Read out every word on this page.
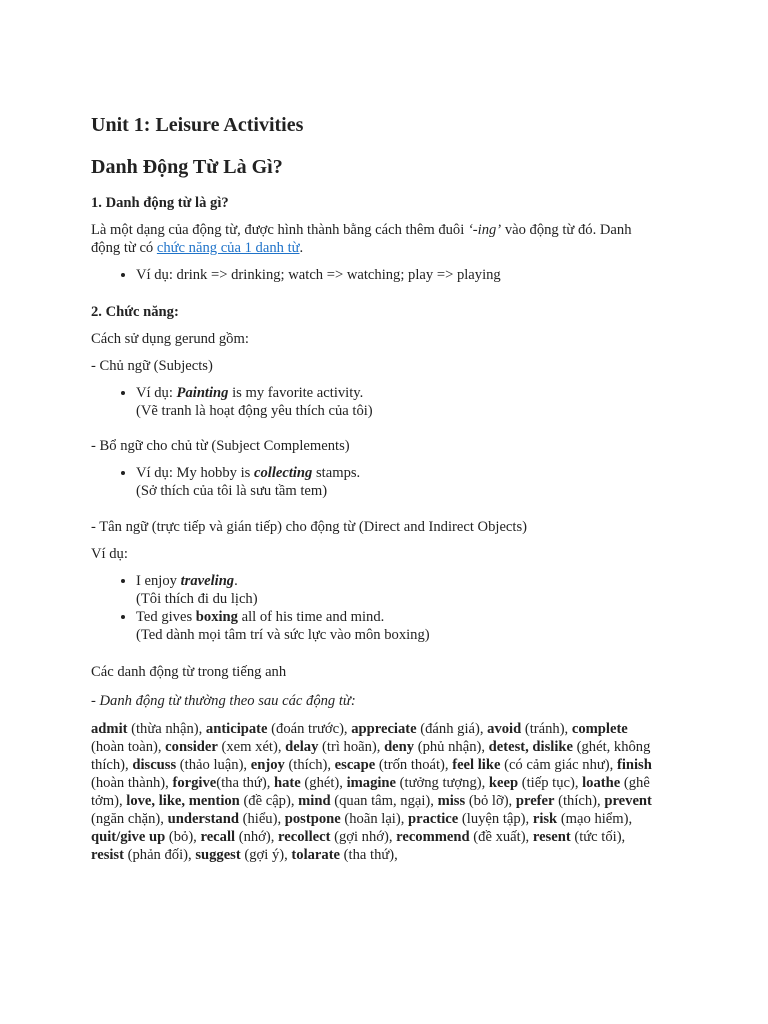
Unit 1: Leisure Activities
Danh Động Từ Là Gì?

1. Danh động từ là gì?

Là một dạng của động từ, được hình thành bằng cách thêm đuôi ‘-ing’ vào động từ đó. Danh động từ có chức năng của 1 danh từ.

• Ví dụ: drink => drinking; watch => watching; play => playing

2. Chức năng:

Cách sử dụng gerund gồm:

- Chủ ngữ (Subjects)

• Ví dụ: Painting is my favorite activity.
(Vẽ tranh là hoạt động yêu thích của tôi)

- Bổ ngữ cho chủ từ (Subject Complements)

• Ví dụ: My hobby is collecting stamps.
(Sở thích của tôi là sưu tầm tem)

- Tân ngữ (trực tiếp và gián tiếp) cho động từ (Direct and Indirect Objects)

Ví dụ:

• I enjoy traveling.
(Tôi thích đi du lịch)
• Ted gives boxing all of his time and mind.
(Ted dành mọi tâm trí và sức lực vào môn boxing)

Các danh động từ trong tiếng anh

- Danh động từ thường theo sau các động từ:

admit (thừa nhận), anticipate (đoán trước), appreciate (đánh giá), avoid (tránh), complete (hoàn toàn), consider (xem xét), delay (trì hoãn), deny (phủ nhận), detest, dislike (ghét, không thích), discuss (thảo luận), enjoy (thích), escape (trốn thoát), feel like (có cảm giác như), finish (hoàn thành), forgive(tha thứ), hate (ghét), imagine (tưởng tượng), keep (tiếp tục), loathe (ghê tởm), love, like, mention (đề cập), mind (quan tâm, ngại), miss (bỏ lỡ), prefer (thích), prevent (ngăn chặn), understand (hiểu), postpone (hoãn lại), practice (luyện tập), risk (mạo hiểm), quit/give up (bỏ), recall (nhớ), recollect (gợi nhớ), recommend (đề xuất), resent (tức tối), resist (phản đối), suggest (gợi ý), tolarate (tha thứ),
